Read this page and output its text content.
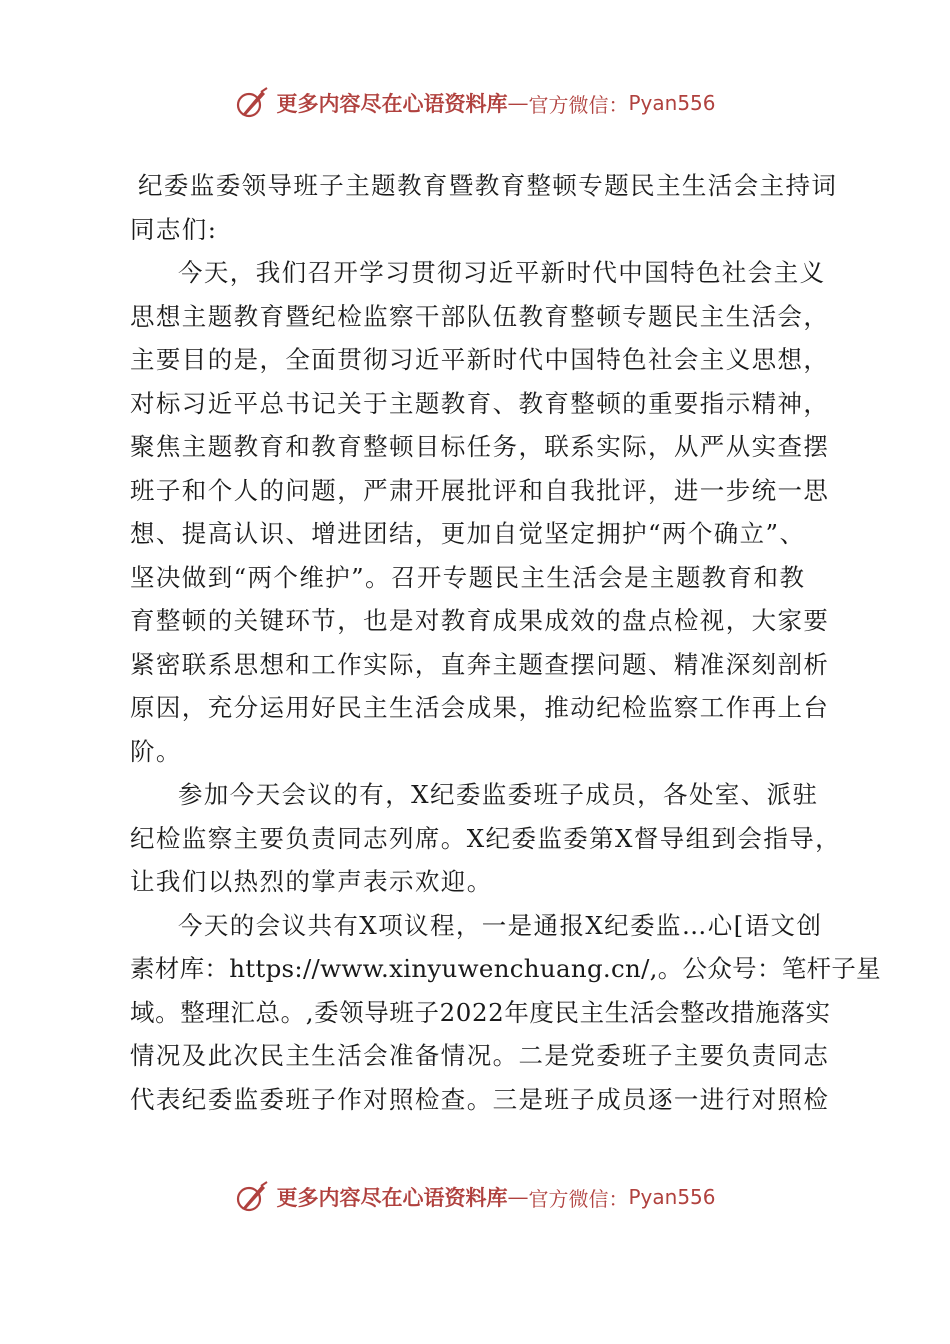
更多内容尽在心语资料库 — 官方微信： Pyan556
纪委监委领导班子主题教育暨教育整顿专题民主生活会主持词
同志们:
今天，我们召开学习贯彻习近平新时代中国特色社会主义
思想主题教育暨纪检监察干部队伍教育整顿专题民主生活会，
主要目的是，全面贯彻习近平新时代中国特色社会主义思想，
对标习近平总书记关于主题教育、教育整顿的重要指示精神，
聚焦主题教育和教育整顿目标任务，联系实际，从严从实查摆
班子和个人的问题，严肃开展批评和自我批评，进一步统一思
想、提高认识、增进团结，更加自觉坚定拥护“两个确立”、
坚决做到“两个维护”。召开专题民主生活会是主题教育和教
育整顿的关键环节，也是对教育成果成效的盘点检视，大家要
紧密联系思想和工作实际，直奔主题查摆问题、精准深刻剖析
原因，充分运用好民主生活会成果，推动纪检监察工作再上台
阶。
参加今天会议的有，X纪委监委班子成员，各处室、派驻
纪检监察主要负责同志列席。X纪委监委第X督导组到会指导，
让我们以热烈的掌声表示欢迎。
今天的会议共有X项议程，一是通报X纪委监…心[语文创
素材库：https://www.xinyuwenchuang.cn/,。公众号：笔杆子星
域。整理汇总。,委领导班子2022年度民主生活会整改措施落实
情况及此次民主生活会准备情况。二是党委班子主要负责同志
代表纪委监委班子作对照检查。三是班子成员逐一进行对照检
更多内容尽在心语资料库 — 官方微信： Pyan556
